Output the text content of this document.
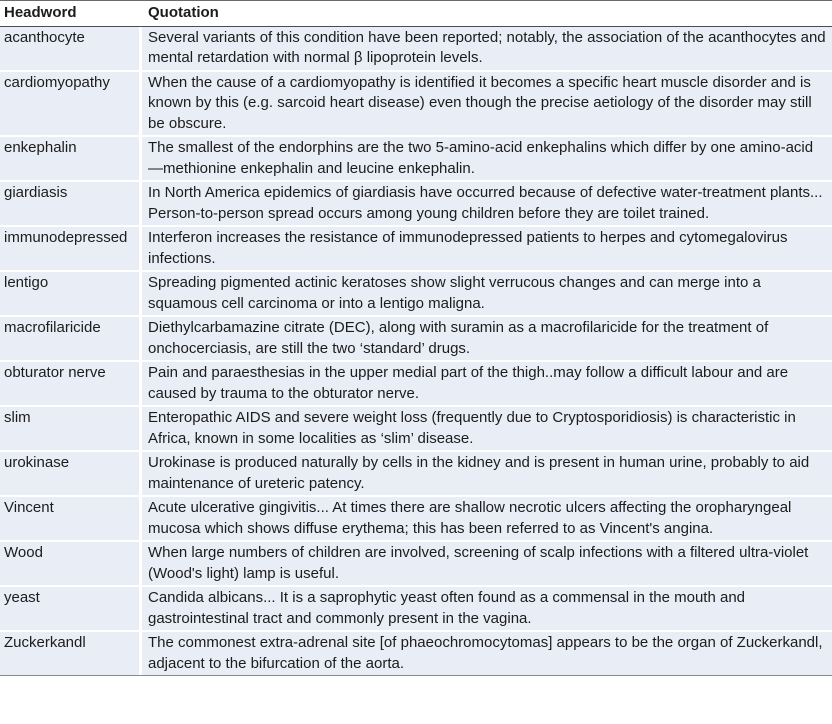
Headword	Quotation
acanthocyte	Several variants of this condition have been reported; notably, the association of the acanthocytes and mental retardation with normal β lipoprotein levels.
cardiomyopathy	When the cause of a cardiomyopathy is identified it becomes a specific heart muscle disorder and is known by this (e.g. sarcoid heart disease) even though the precise aetiology of the disorder may still be obscure.
enkephalin	The smallest of the endorphins are the two 5-amino-acid enkephalins which differ by one amino-acid—methionine enkephalin and leucine enkephalin.
giardiasis	In North America epidemics of giardiasis have occurred because of defective water-treatment plants... Person-to-person spread occurs among young children before they are toilet trained.
immunodepressed	Interferon increases the resistance of immunodepressed patients to herpes and cytomegalovirus infections.
lentigo	Spreading pigmented actinic keratoses show slight verrucous changes and can merge into a squamous cell carcinoma or into a lentigo maligna.
macrofilaricide	Diethylcarbamazine citrate (DEC), along with suramin as a macrofilaricide for the treatment of onchocerciasis, are still the two ‘standard’ drugs.
obturator nerve	Pain and paraesthesias in the upper medial part of the thigh..may follow a difficult labour and are caused by trauma to the obturator nerve.
slim	Enteropathic AIDS and severe weight loss (frequently due to Cryptosporidiosis) is characteristic in Africa, known in some localities as ‘slim’ disease.
urokinase	Urokinase is produced naturally by cells in the kidney and is present in human urine, probably to aid maintenance of ureteric patency.
Vincent	Acute ulcerative gingivitis... At times there are shallow necrotic ulcers affecting the oropharyngeal mucosa which shows diffuse erythema; this has been referred to as Vincent's angina.
Wood	When large numbers of children are involved, screening of scalp infections with a filtered ultra-violet (Wood's light) lamp is useful.
yeast	Candida albicans... It is a saprophytic yeast often found as a commensal in the mouth and gastrointestinal tract and commonly present in the vagina.
Zuckerkandl	The commonest extra-adrenal site [of phaeochromocytomas] appears to be the organ of Zuckerkandl, adjacent to the bifurcation of the aorta.
